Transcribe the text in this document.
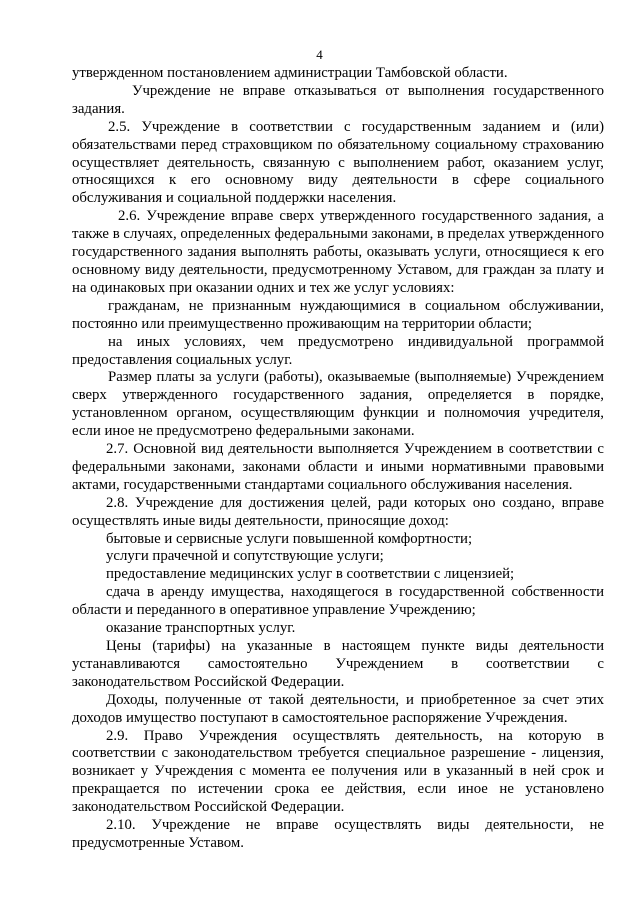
4

утвержденном постановлением администрации Тамбовской области.

Учреждение не вправе отказываться от выполнения государственного задания.

2.5. Учреждение в соответствии с государственным заданием и (или) обязательствами перед страховщиком по обязательному социальному страхованию осуществляет деятельность, связанную с выполнением работ, оказанием услуг, относящихся к его основному виду деятельности в сфере социального обслуживания и социальной поддержки населения.

2.6. Учреждение вправе сверх утвержденного государственного задания, а также в случаях, определенных федеральными законами, в пределах утвержденного государственного задания выполнять работы, оказывать услуги, относящиеся к его основному виду деятельности, предусмотренному Уставом, для граждан за плату и на одинаковых при оказании одних и тех же услуг условиях:

гражданам, не признанным нуждающимися в социальном обслуживании, постоянно или преимущественно проживающим на территории области;

на иных условиях, чем предусмотрено индивидуальной программой предоставления социальных услуг.

Размер платы за услуги (работы), оказываемые (выполняемые) Учреждением сверх утвержденного государственного задания, определяется в порядке, установленном органом, осуществляющим функции и полномочия учредителя, если иное не предусмотрено федеральными законами.

2.7. Основной вид деятельности выполняется Учреждением в соответствии с федеральными законами, законами области и иными нормативными правовыми актами, государственными стандартами социального обслуживания населения.

2.8. Учреждение для достижения целей, ради которых оно создано, вправе осуществлять иные виды деятельности, приносящие доход:

бытовые и сервисные услуги повышенной комфортности;

услуги прачечной и сопутствующие услуги;

предоставление медицинских услуг в соответствии с лицензией;

сдача в аренду имущества, находящегося в государственной собственности области и переданного в оперативное управление Учреждению;

оказание транспортных услуг.

Цены (тарифы) на указанные в настоящем пункте виды деятельности устанавливаются самостоятельно Учреждением в соответствии с законодательством Российской Федерации.

Доходы, полученные от такой деятельности, и приобретенное за счет этих доходов имущество поступают в самостоятельное распоряжение Учреждения.

2.9. Право Учреждения осуществлять деятельность, на которую в соответствии с законодательством требуется специальное разрешение - лицензия, возникает у Учреждения с момента ее получения или в указанный в ней срок и прекращается по истечении срока ее действия, если иное не установлено законодательством Российской Федерации.

2.10. Учреждение не вправе осуществлять виды деятельности, не предусмотренные Уставом.
